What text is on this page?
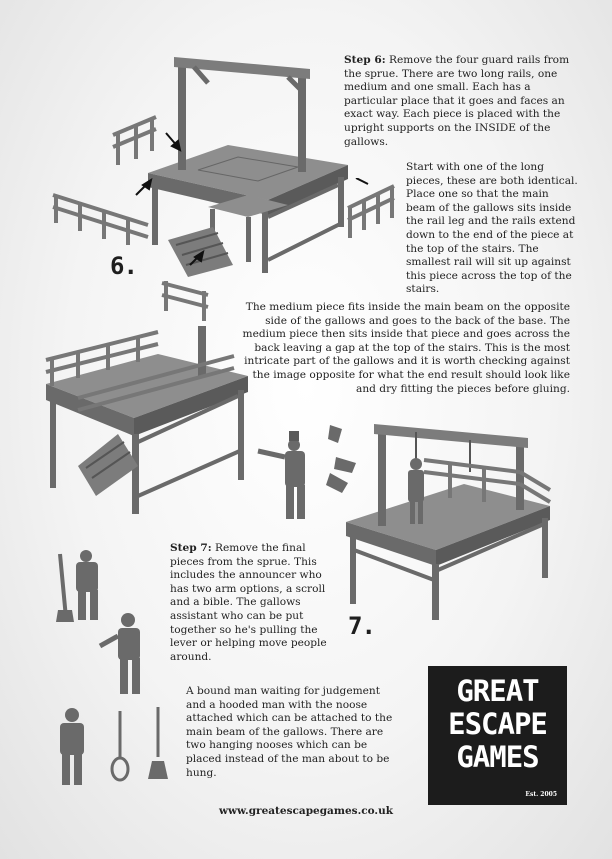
6.
Step 6: Remove the four guard rails from the sprue. There are two long rails, one medium and one small. Each has a particular place that it goes and faces an exact way. Each piece is placed with the upright supports on the INSIDE of the gallows.
Start with one of the long pieces, these are both identical. Place one so that the main beam of the gallows sits inside the rail leg and the rails extend down to the end of the piece at the top of the stairs. The smallest rail will sit up against this piece across the top of the stairs.
The medium piece fits inside the main beam on the opposite side of the gallows and goes to the back of the base. The medium piece then sits inside that piece and goes across the back leaving a gap at the top of the stairs. This is the most intricate part of the gallows and it is worth checking against the image opposite for what the end result should look like and dry fitting the pieces before gluing.
7.
Step 7: Remove the final pieces from the sprue. This includes the announcer who has two arm options, a scroll and a bible. The gallows assistant who can be put together so he's pulling the lever or helping move people around.
A bound man waiting for judgement and a hooded man with the noose attached which can be attached to the main beam of the gallows. There are two hanging nooses which can be placed instead of the man about to be hung.
GREAT
ESCAPE
GAMES
Est. 2005
www.greatescapegames.co.uk
